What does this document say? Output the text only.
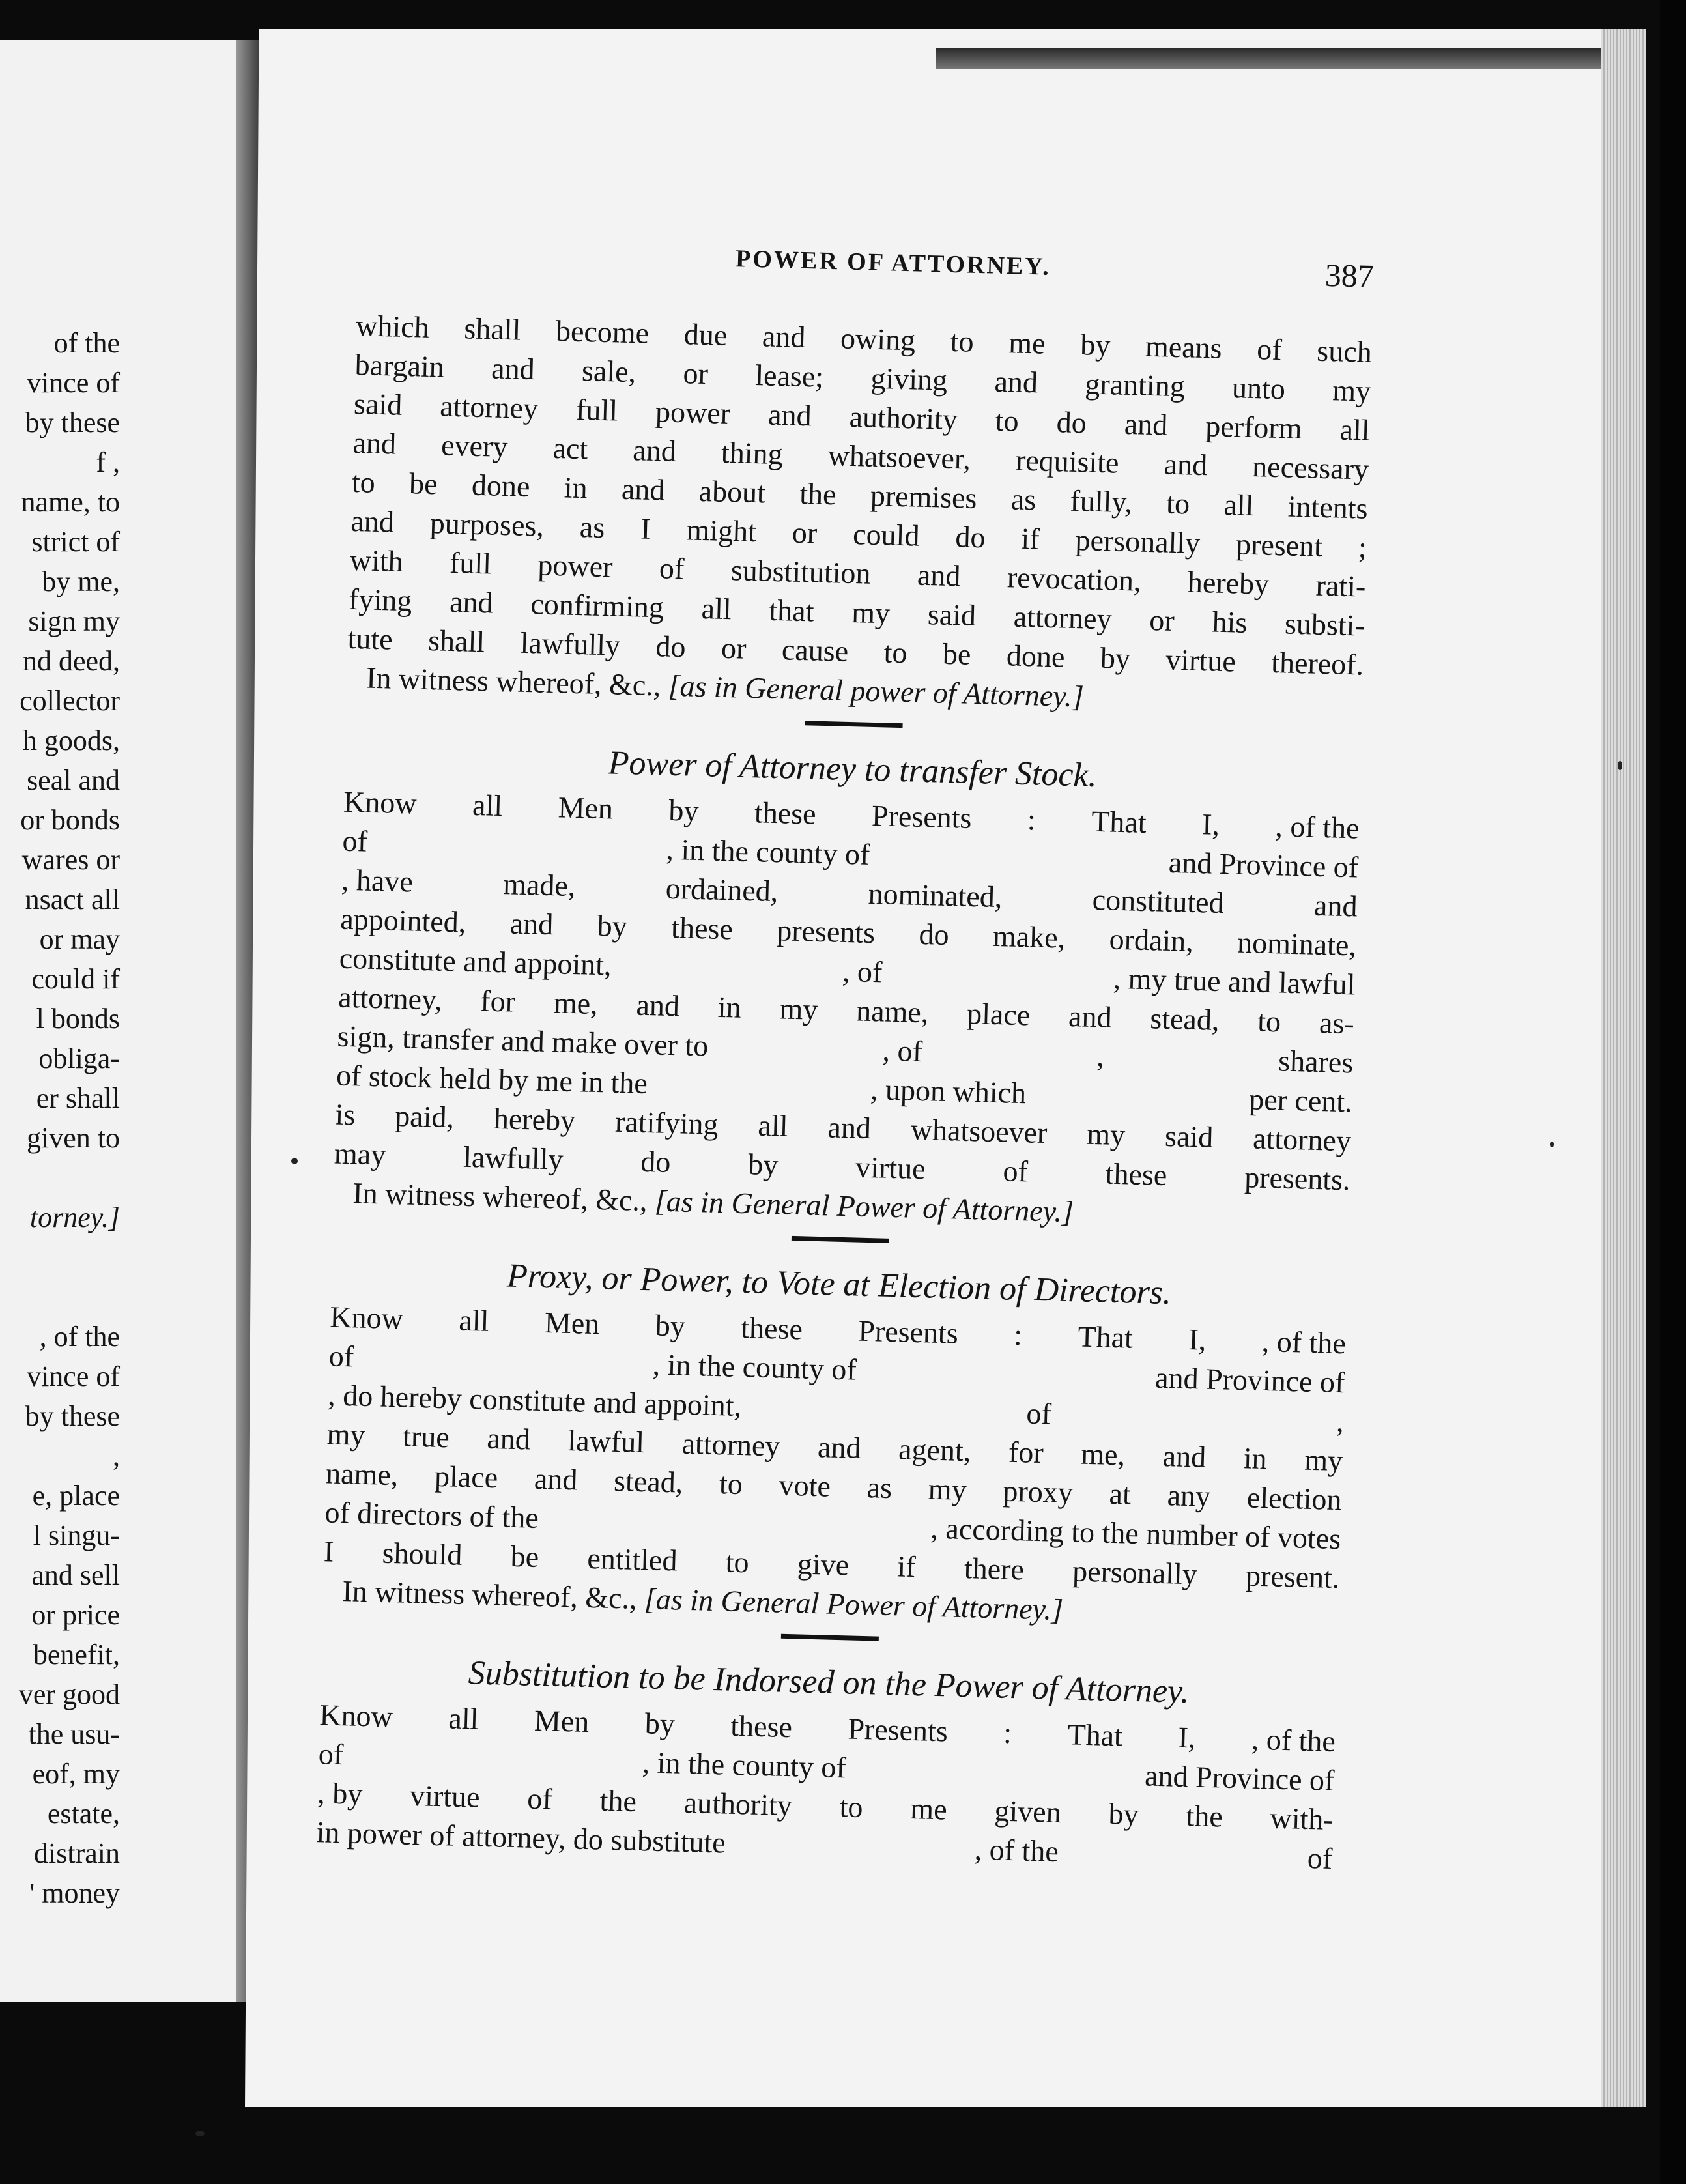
of the
vince of
by these
f ,
name, to
strict of
by me,
sign my
nd deed,
collector
h goods,
seal and
or bonds
wares or
nsact all
or may
could if
l bonds
obliga-
er shall
given to
torney.]
, of the
vince of
by these
,
e, place
l singu-
and sell
or price
benefit,
ver good
the usu-
eof, my
estate,
distrain
' money
POWER OF ATTORNEY.	387
which shall become due and owing to me by means of such
bargain and sale, or lease; giving and granting unto my
said attorney full power and authority to do and perform all
and every act and thing whatsoever, requisite and necessary
to be done in and about the premises as fully, to all intents
and purposes, as I might or could do if personally present ;
with full power of substitution and revocation, hereby rati-
fying and confirming all that my said attorney or his substi-
tute shall lawfully do or cause to be done by virtue thereof.
In witness whereof, &c., [as in General power of Attorney.]
Power of Attorney to transfer Stock.
Know all Men by these Presents : That I, , of the
of	, in the county of	and Province of
, have	made,	ordained,	nominated,	constituted	and
appointed, and by these presents do make, ordain, nominate,
constitute and appoint,	, of	, my true and lawful
attorney, for me, and in my name, place and stead, to as-
sign, transfer and make over to	, of	,	shares
of stock held by me in the	, upon which	per cent.
is paid, hereby ratifying all and whatsoever my said attorney
may	lawfully	do	by	virtue	of	these	presents.
In witness whereof, &c., [as in General Power of Attorney.]
Proxy, or Power, to Vote at Election of Directors.
Know all Men by these Presents : That I, , of the
of	, in the county of	and Province of
, do hereby constitute and appoint,	of	,
my true and lawful attorney and agent, for me, and in my
name, place and stead, to vote as my proxy at any election
of directors of the	, according to the number of votes
I should be entitled to give if there personally present.
In witness whereof, &c., [as in General Power of Attorney.]
Substitution to be Indorsed on the Power of Attorney.
Know all Men by these Presents : That I, , of the
of	, in the county of	and Province of
, by virtue of the authority to me given by the with-
in power of attorney, do substitute	, of the	of
